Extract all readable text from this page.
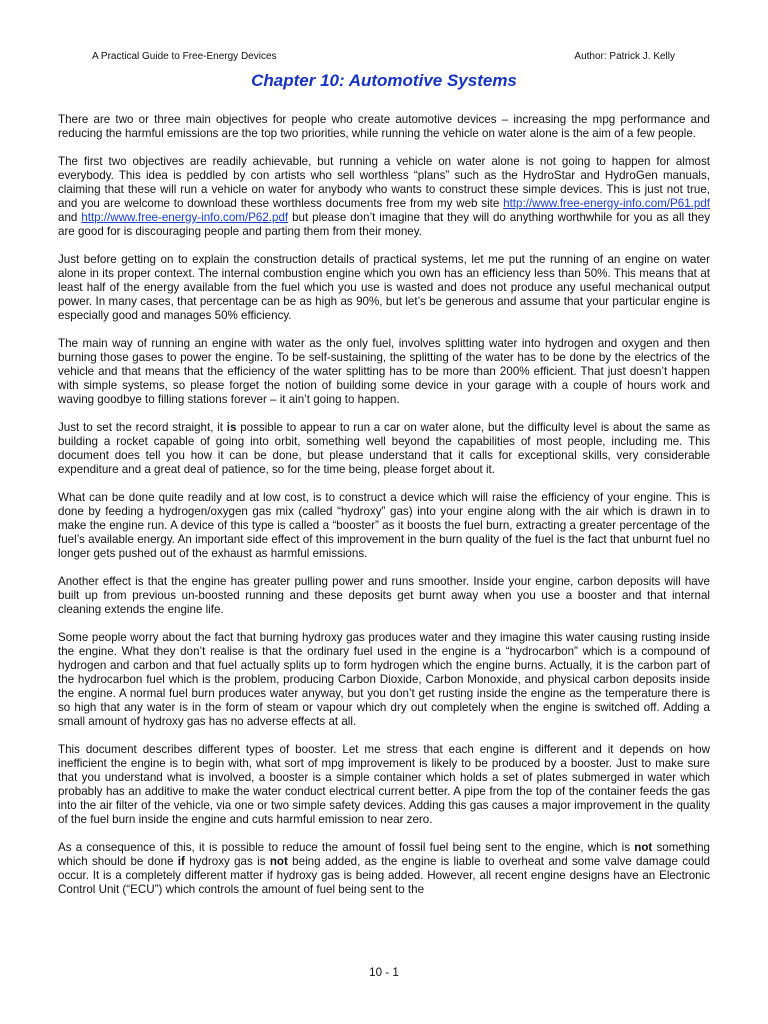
A Practical Guide to Free-Energy Devices	Author: Patrick J. Kelly
Chapter 10: Automotive Systems

There are two or three main objectives for people who create automotive devices – increasing the mpg performance and reducing the harmful emissions are the top two priorities, while running the vehicle on water alone is the aim of a few people.

The first two objectives are readily achievable, but running a vehicle on water alone is not going to happen for almost everybody. This idea is peddled by con artists who sell worthless “plans” such as the HydroStar and HydroGen manuals, claiming that these will run a vehicle on water for anybody who wants to construct these simple devices. This is just not true, and you are welcome to download these worthless documents free from my web site http://www.free-energy-info.com/P61.pdf and http://www.free-energy-info.com/P62.pdf but please don’t imagine that they will do anything worthwhile for you as all they are good for is discouraging people and parting them from their money.

Just before getting on to explain the construction details of practical systems, let me put the running of an engine on water alone in its proper context. The internal combustion engine which you own has an efficiency less than 50%. This means that at least half of the energy available from the fuel which you use is wasted and does not produce any useful mechanical output power. In many cases, that percentage can be as high as 90%, but let’s be generous and assume that your particular engine is especially good and manages 50% efficiency.

The main way of running an engine with water as the only fuel, involves splitting water into hydrogen and oxygen and then burning those gases to power the engine. To be self-sustaining, the splitting of the water has to be done by the electrics of the vehicle and that means that the efficiency of the water splitting has to be more than 200% efficient. That just doesn’t happen with simple systems, so please forget the notion of building some device in your garage with a couple of hours work and waving goodbye to filling stations forever – it ain’t going to happen.

Just to set the record straight, it is possible to appear to run a car on water alone, but the difficulty level is about the same as building a rocket capable of going into orbit, something well beyond the capabilities of most people, including me. This document does tell you how it can be done, but please understand that it calls for exceptional skills, very considerable expenditure and a great deal of patience, so for the time being, please forget about it.

What can be done quite readily and at low cost, is to construct a device which will raise the efficiency of your engine. This is done by feeding a hydrogen/oxygen gas mix (called “hydroxy” gas) into your engine along with the air which is drawn in to make the engine run. A device of this type is called a “booster” as it boosts the fuel burn, extracting a greater percentage of the fuel’s available energy. An important side effect of this improvement in the burn quality of the fuel is the fact that unburnt fuel no longer gets pushed out of the exhaust as harmful emissions.

Another effect is that the engine has greater pulling power and runs smoother. Inside your engine, carbon deposits will have built up from previous un-boosted running and these deposits get burnt away when you use a booster and that internal cleaning extends the engine life.

Some people worry about the fact that burning hydroxy gas produces water and they imagine this water causing rusting inside the engine. What they don’t realise is that the ordinary fuel used in the engine is a “hydrocarbon” which is a compound of hydrogen and carbon and that fuel actually splits up to form hydrogen which the engine burns. Actually, it is the carbon part of the hydrocarbon fuel which is the problem, producing Carbon Dioxide, Carbon Monoxide, and physical carbon deposits inside the engine. A normal fuel burn produces water anyway, but you don’t get rusting inside the engine as the temperature there is so high that any water is in the form of steam or vapour which dry out completely when the engine is switched off. Adding a small amount of hydroxy gas has no adverse effects at all.

This document describes different types of booster. Let me stress that each engine is different and it depends on how inefficient the engine is to begin with, what sort of mpg improvement is likely to be produced by a booster. Just to make sure that you understand what is involved, a booster is a simple container which holds a set of plates submerged in water which probably has an additive to make the water conduct electrical current better. A pipe from the top of the container feeds the gas into the air filter of the vehicle, via one or two simple safety devices. Adding this gas causes a major improvement in the quality of the fuel burn inside the engine and cuts harmful emission to near zero.

As a consequence of this, it is possible to reduce the amount of fossil fuel being sent to the engine, which is not something which should be done if hydroxy gas is not being added, as the engine is liable to overheat and some valve damage could occur. It is a completely different matter if hydroxy gas is being added. However, all recent engine designs have an Electronic Control Unit (“ECU”) which controls the amount of fuel being sent to the

10 - 1
